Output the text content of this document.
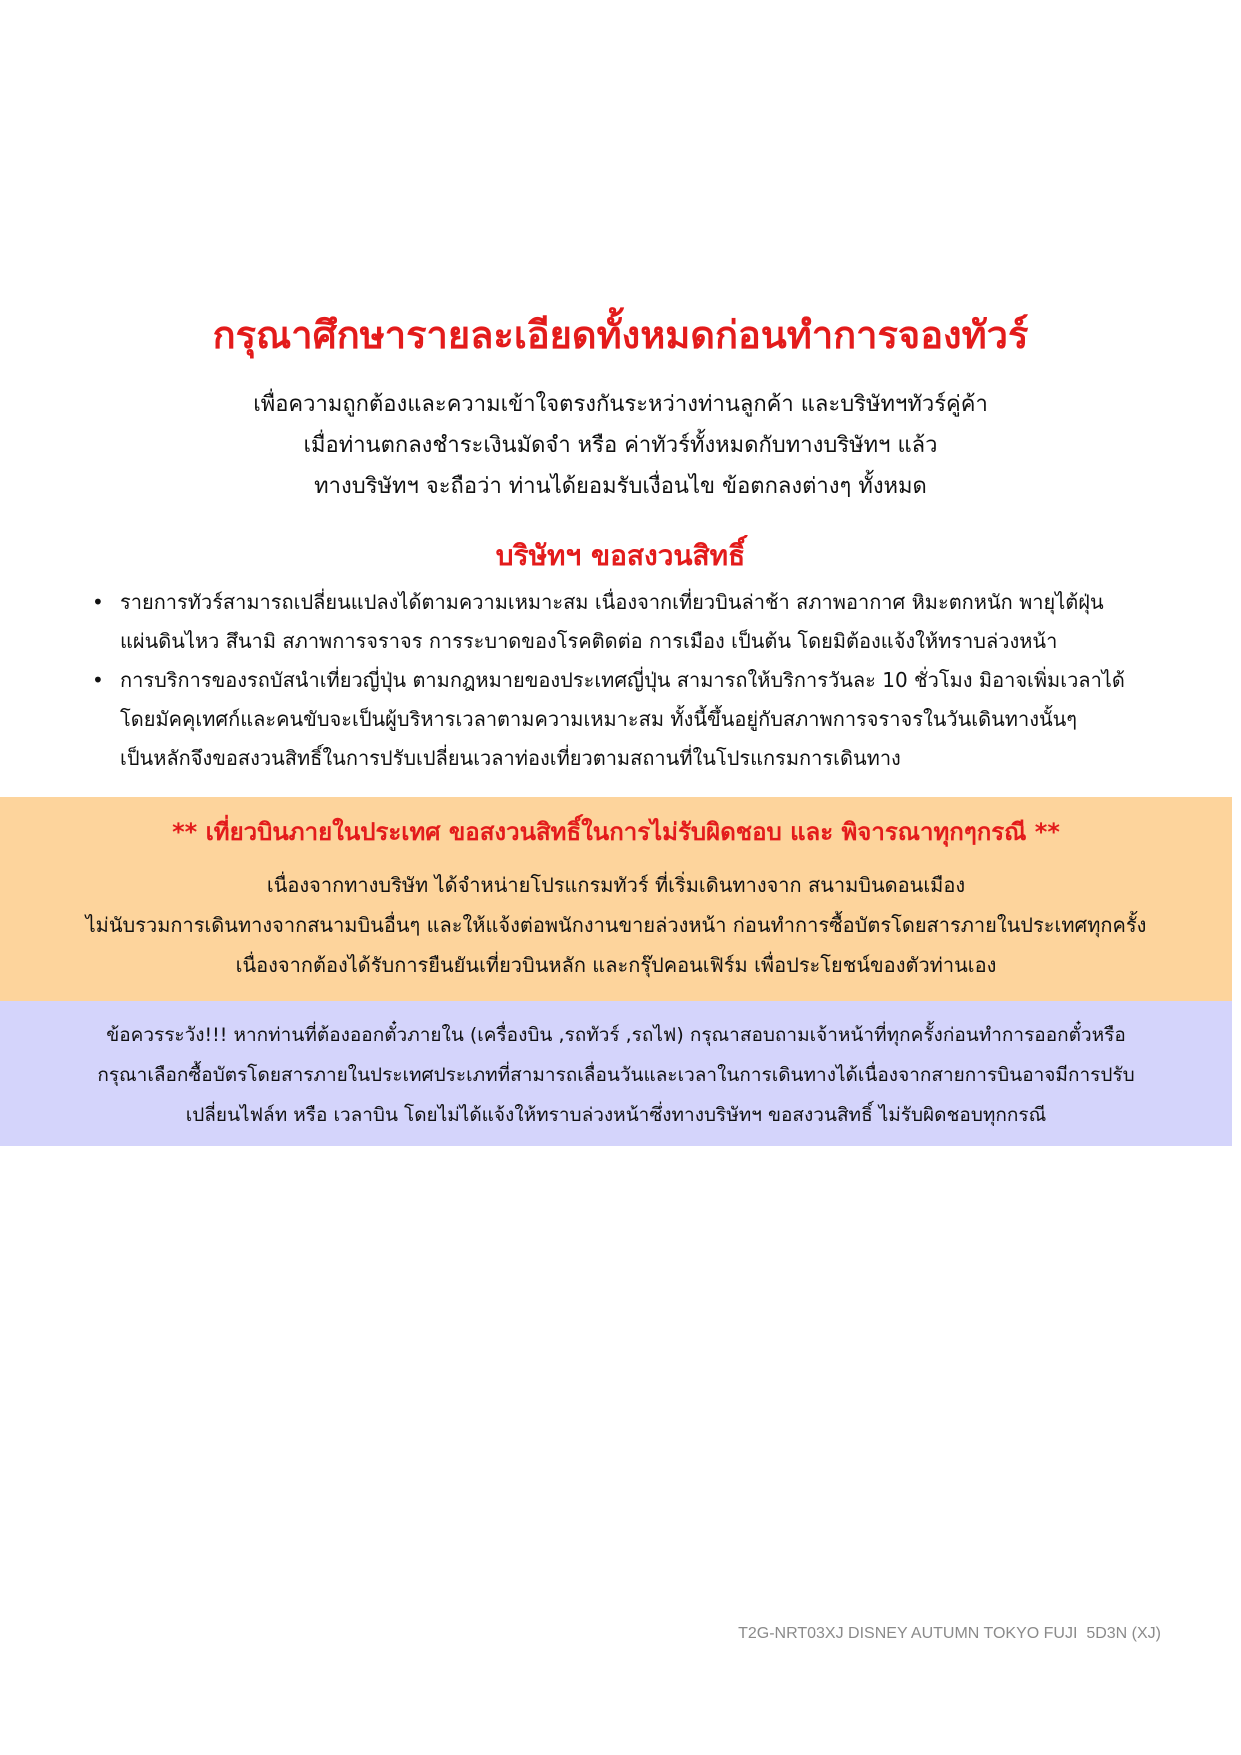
กรุณาศึกษารายละเอียดทั้งหมดก่อนทำการจองทัวร์
เพื่อความถูกต้องและความเข้าใจตรงกันระหว่างท่านลูกค้า และบริษัทฯทัวร์คู่ค้า
เมื่อท่านตกลงชำระเงินมัดจำ หรือ ค่าทัวร์ทั้งหมดกับทางบริษัทฯ แล้ว
ทางบริษัทฯ จะถือว่า ท่านได้ยอมรับเงื่อนไข ข้อตกลงต่างๆ ทั้งหมด
บริษัทฯ ขอสงวนสิทธิ์
• รายการทัวร์สามารถเปลี่ยนแปลงได้ตามความเหมาะสม เนื่องจากเที่ยวบินล่าช้า สภาพอากาศ หิมะตกหนัก พายุไต้ฝุ่น
แผ่นดินไหว สึนามิ สภาพการจราจร การระบาดของโรคติดต่อ การเมือง เป็นต้น โดยมิต้องแจ้งให้ทราบล่วงหน้า
• การบริการของรถบัสนำเที่ยวญี่ปุ่น ตามกฎหมายของประเทศญี่ปุ่น สามารถให้บริการวันละ 10 ชั่วโมง มิอาจเพิ่มเวลาได้
โดยมัคคุเทศก์และคนขับจะเป็นผู้บริหารเวลาตามความเหมาะสม ทั้งนี้ขึ้นอยู่กับสภาพการจราจรในวันเดินทางนั้นๆ
เป็นหลักจึงขอสงวนสิทธิ์ในการปรับเปลี่ยนเวลาท่องเที่ยวตามสถานที่ในโปรแกรมการเดินทาง
** เที่ยวบินภายในประเทศ ขอสงวนสิทธิ์ในการไม่รับผิดชอบ และ พิจารณาทุกๆกรณี **
เนื่องจากทางบริษัท ได้จำหน่ายโปรแกรมทัวร์ ที่เริ่มเดินทางจาก สนามบินดอนเมือง
ไม่นับรวมการเดินทางจากสนามบินอื่นๆ และให้แจ้งต่อพนักงานขายล่วงหน้า ก่อนทำการซื้อบัตรโดยสารภายในประเทศทุกครั้ง
เนื่องจากต้องได้รับการยืนยันเที่ยวบินหลัก และกรุ๊ปคอนเฟิร์ม เพื่อประโยชน์ของตัวท่านเอง
ข้อควรระวัง!!! หากท่านที่ต้องออกตั๋วภายใน (เครื่องบิน ,รถทัวร์ ,รถไฟ) กรุณาสอบถามเจ้าหน้าที่ทุกครั้งก่อนทำการออกตั๋วหรือ
กรุณาเลือกซื้อบัตรโดยสารภายในประเทศประเภทที่สามารถเลื่อนวันและเวลาในการเดินทางได้เนื่องจากสายการบินอาจมีการปรับ
เปลี่ยนไฟล์ท หรือ เวลาบิน โดยไม่ได้แจ้งให้ทราบล่วงหน้าซึ่งทางบริษัทฯ ขอสงวนสิทธิ์ ไม่รับผิดชอบทุกกรณี
T2G-NRT03XJ DISNEY AUTUMN TOKYO FUJI  5D3N (XJ)
